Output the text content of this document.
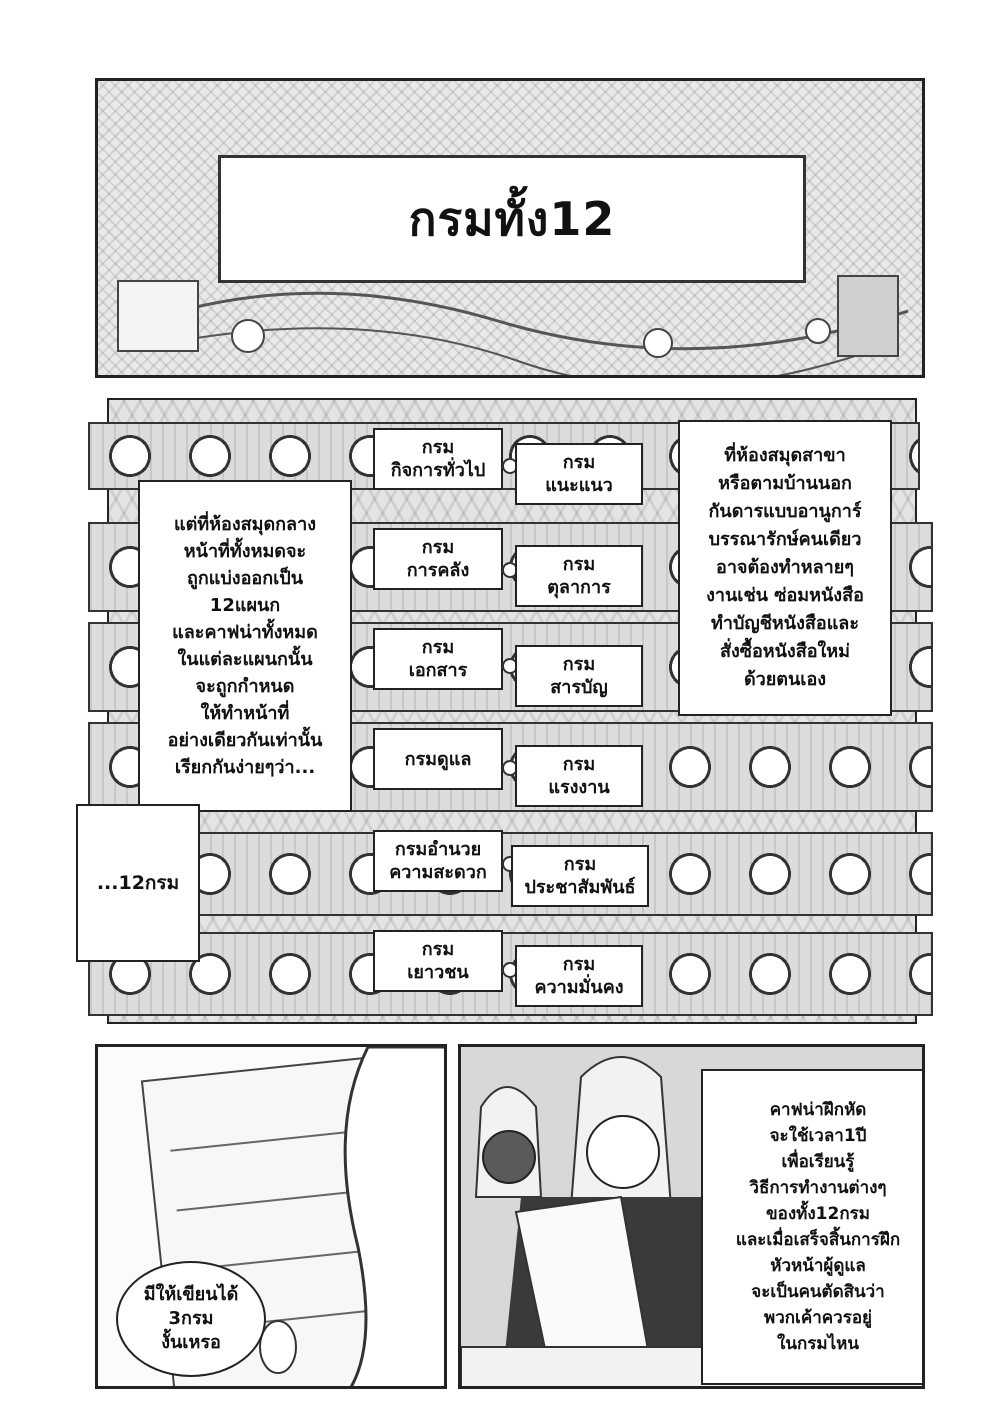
กรมทั้ง12
กรม
กิจการทั่วไป
กรม
การคลัง
กรม
เอกสาร
กรมดูแล
กรมอำนวย
ความสะดวก
กรม
เยาวชน
กรม
แนะแนว
กรม
ตุลาการ
กรม
สารบัญ
กรม
แรงงาน
กรม
ประชาสัมพันธ์
กรม
ความมั่นคง
แต่ที่ห้องสมุดกลาง
หน้าที่ทั้งหมดจะ
ถูกแบ่งออกเป็น
12แผนก
และคาฟน่าทั้งหมด
ในแต่ละแผนกนั้น
จะถูกกำหนด
ให้ทำหน้าที่
อย่างเดียวกันเท่านั้น
เรียกกันง่ายๆว่า...
...12กรม
ที่ห้องสมุดสาขา
หรือตามบ้านนอก
กันดารแบบอานูการ์
บรรณารักษ์คนเดียว
อาจต้องทำหลายๆ
งานเช่น ซ่อมหนังสือ
ทำบัญชีหนังสือและ
สั่งซื้อหนังสือใหม่
ด้วยตนเอง
มีให้เขียนได้
3กรม
งั้นเหรอ
คาฟน่าฝึกหัด
จะใช้เวลา1ปี
เพื่อเรียนรู้
วิธีการทำงานต่างๆ
ของทั้ง12กรม
และเมื่อเสร็จสิ้นการฝึก
หัวหน้าผู้ดูแล
จะเป็นคนตัดสินว่า
พวกเค้าควรอยู่
ในกรมไหน
